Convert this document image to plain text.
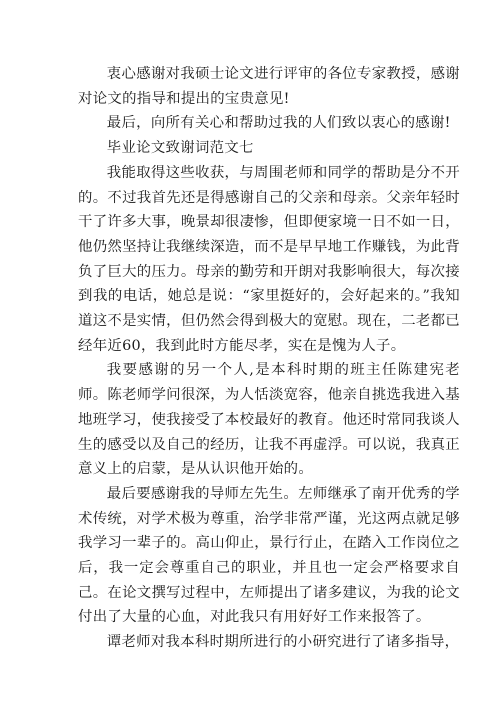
衷心感谢对我硕士论文进行评审的各位专家教授，感谢对论文的指导和提出的宝贵意见!

最后，向所有关心和帮助过我的人们致以衷心的感谢!

毕业论文致谢词范文七

我能取得这些收获，与周围老师和同学的帮助是分不开的。不过我首先还是得感谢自己的父亲和母亲。父亲年轻时干了许多大事，晚景却很凄惨，但即便家境一日不如一日，他仍然坚持让我继续深造，而不是早早地工作赚钱，为此背负了巨大的压力。母亲的勤劳和开朗对我影响很大，每次接到我的电话，她总是说：“家里挺好的，会好起来的。”我知道这不是实情，但仍然会得到极大的宽慰。现在，二老都已经年近60，我到此时方能尽孝，实在是愧为人子。

我要感谢的另一个人,是本科时期的班主任陈建宪老师。陈老师学问很深，为人恬淡宽容，他亲自挑选我进入基地班学习，使我接受了本校最好的教育。他还时常同我谈人生的感受以及自己的经历，让我不再虚浮。可以说，我真正意义上的启蒙，是从认识他开始的。

最后要感谢我的导师左先生。左师继承了南开优秀的学术传统，对学术极为尊重，治学非常严谨，光这两点就足够我学习一辈子的。高山仰止，景行行止，在踏入工作岗位之后，我一定会尊重自己的职业，并且也一定会严格要求自己。在论文撰写过程中，左师提出了诸多建议，为我的论文付出了大量的心血，对此我只有用好好工作来报答了。

谭老师对我本科时期所进行的小研究进行了诸多指导，
